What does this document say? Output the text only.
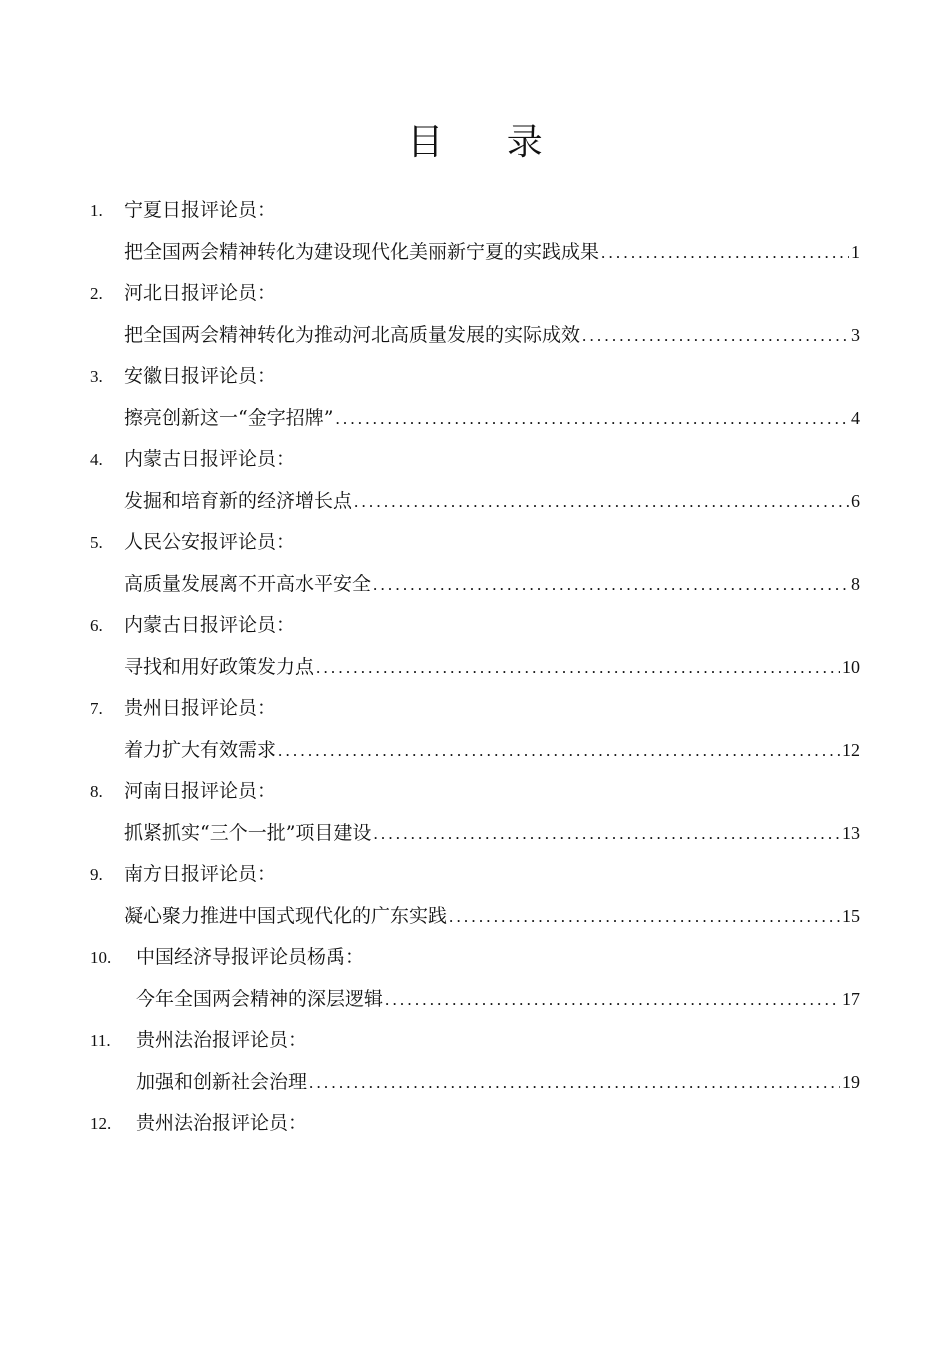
目 录
1. 宁夏日报评论员：
把全国两会精神转化为建设现代化美丽新宁夏的实践成果 .....	1
2. 河北日报评论员：
把全国两会精神转化为推动河北高质量发展的实际成效 .....	3
3. 安徽日报评论员：
擦亮创新这一“金字招牌” .....	4
4. 内蒙古日报评论员：
发掘和培育新的经济增长点 .....	6
5. 人民公安报评论员：
高质量发展离不开高水平安全 .....	8
6. 内蒙古日报评论员：
寻找和用好政策发力点 .....	10
7. 贵州日报评论员：
着力扩大有效需求 .....	12
8. 河南日报评论员：
抓紧抓实“三个一批”项目建设 .....	13
9. 南方日报评论员：
凝心聚力推进中国式现代化的广东实践 .....	15
10. 中国经济导报评论员杨禹：
今年全国两会精神的深层逻辑 .....	17
11. 贵州法治报评论员：
加强和创新社会治理 .....	19
12. 贵州法治报评论员：
